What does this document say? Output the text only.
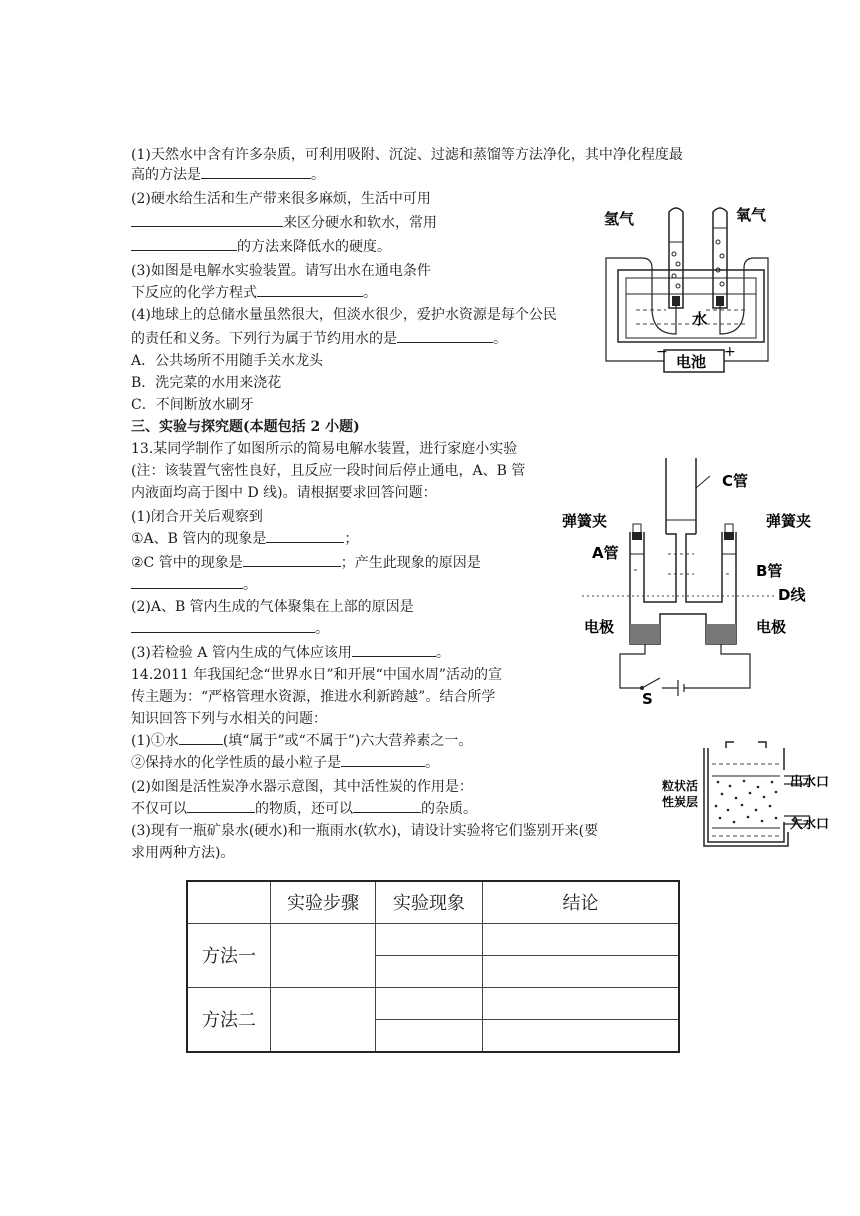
(1)天然水中含有许多杂质，可利用吸附、沉淀、过滤和蒸馏等方法净化，其中净化程度最
高的方法是	。
(2)硬水给生活和生产带来很多麻烦，生活中可用
来区分硬水和软水，常用
的方法来降低水的硬度。
(3)如图是电解水实验装置。请写出水在通电条件
下反应的化学方程式	。
(4)地球上的总储水量虽然很大，但淡水很少，爱护水资源是每个公民
的责任和义务。下列行为属于节约用水的是	。
A．公共场所不用随手关水龙头
B．洗完菜的水用来浇花
C．不间断放水刷牙
三、实验与探究题(本题包括 2 小题)
13.某同学制作了如图所示的简易电解水装置，进行家庭小实验
(注：该装置气密性良好，且反应一段时间后停止通电，A、B 管
内液面均高于图中 D 线)。请根据要求回答问题：
(1)闭合开关后观察到
①A、B 管内的现象是	；
②C 管中的现象是	；产生此现象的原因是
。
(2)A、B 管内生成的气体聚集在上部的原因是
。
(3)若检验 A 管内生成的气体应该用	。
14.2011 年我国纪念“世界水日”和开展“中国水周”活动的宣
传主题为：“严格管理水资源，推进水利新跨越”。结合所学
知识回答下列与水相关的问题：
(1)①水	(填“属于”或“不属于”)六大营养素之一。
②保持水的化学性质的最小粒子是	。
(2)如图是活性炭净水器示意图，其中活性炭的作用是：
不仅可以	的物质，还可以	的杂质。
(3)现有一瓶矿泉水(硬水)和一瓶雨水(软水)，请设计实验将它们鉴别开来(要
求用两种方法)。
氢气	氧气
水
电池
−	+
C管
弹簧夹	弹簧夹
A管
B管
D线
电极	电极
S
粒状活
性炭层
出水口
入水口
	实验步骤	实验现象	结论
方法一			

方法二			
